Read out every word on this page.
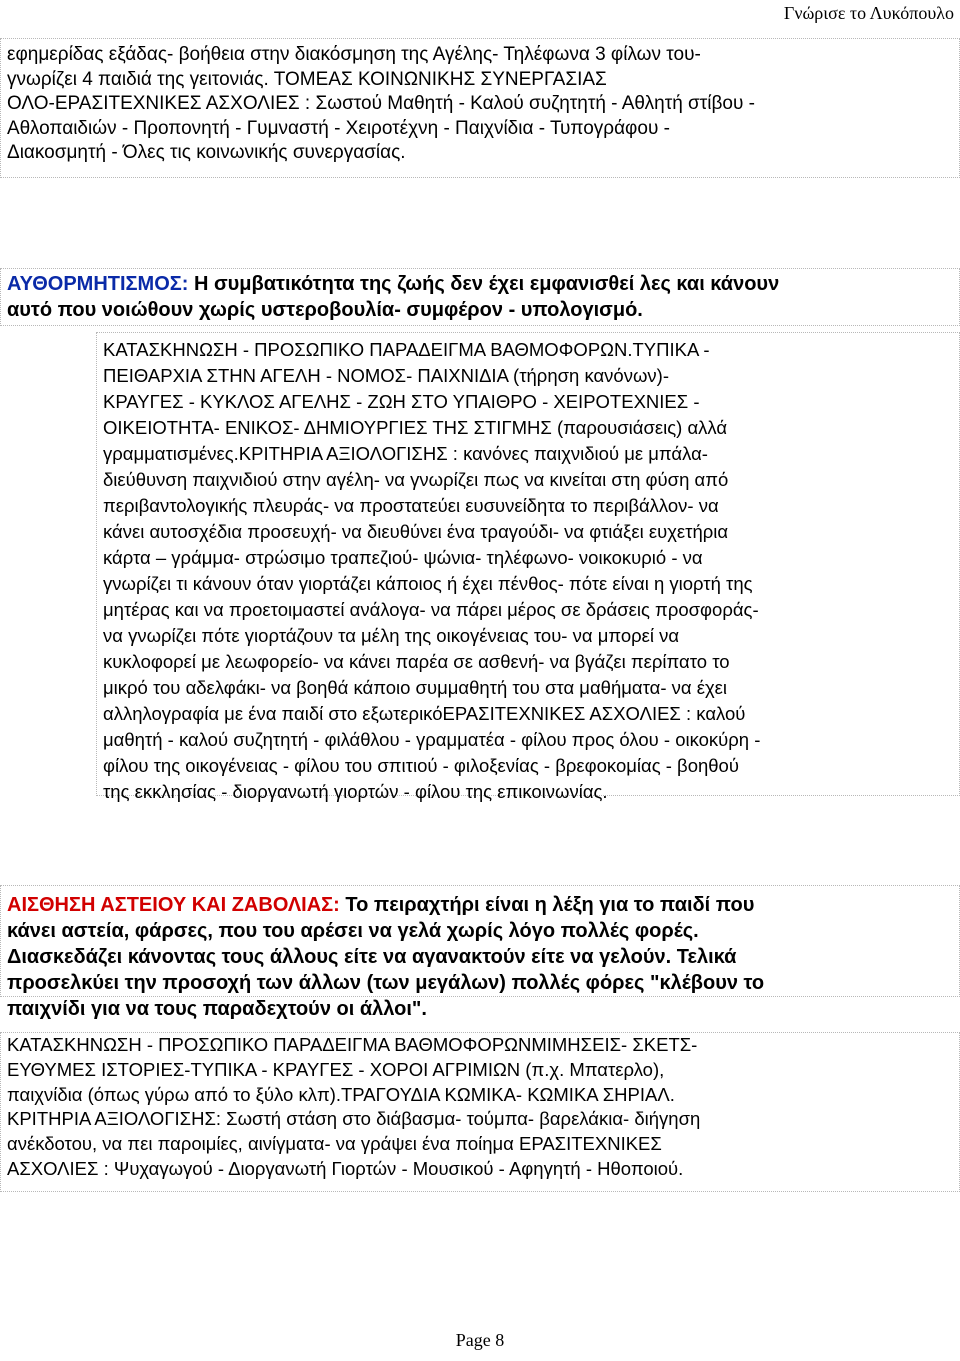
Γνώρισε το Λυκόπουλο
εφημερίδας εξάδας- βοήθεια στην διακόσμηση της Αγέλης- Τηλέφωνα 3 φίλων του-
γνωρίζει 4 παιδιά της γειτονιάς. ΤΟΜΕΑΣ ΚΟΙΝΩΝΙΚΗΣ ΣΥΝΕΡΓΑΣΙΑΣ
ΟΛΟ-ΕΡΑΣΙΤΕΧΝΙΚΕΣ ΑΣΧΟΛΙΕΣ : Σωστού Μαθητή - Καλού συζητητή - Αθλητή στίβου -
Αθλοπαιδιών - Προπονητή - Γυμναστή - Χειροτέχνη - Παιχνίδια - Τυπογράφου -
Διακοσμητή - Όλες τις κοινωνικής συνεργασίας.
ΑΥΘΟΡΜΗΤΙΣΜΟΣ: Η συμβατικότητα της ζωής δεν έχει εμφανισθεί λες και κάνουν
αυτό που νοιώθουν χωρίς υστεροβουλία- συμφέρον - υπολογισμό.
ΚΑΤΑΣΚΗΝΩΣΗ - ΠΡΟΣΩΠΙΚΟ ΠΑΡΑΔΕΙΓΜΑ ΒΑΘΜΟΦΟΡΩΝ.ΤΥΠΙΚΑ -
ΠΕΙΘΑΡΧΙΑ ΣΤΗΝ ΑΓΕΛΗ - ΝΟΜΟΣ- ΠΑΙΧΝΙΔΙΑ (τήρηση κανόνων)-
ΚΡΑΥΓΕΣ - ΚΥΚΛΟΣ ΑΓΕΛΗΣ - ΖΩΗ ΣΤΟ ΥΠΑΙΘΡΟ - ΧΕΙΡΟΤΕΧΝΙΕΣ -
ΟΙΚΕΙΟΤΗΤΑ- ΕΝΙΚΟΣ- ΔΗΜΙΟΥΡΓΙΕΣ ΤΗΣ ΣΤΙΓΜΗΣ (παρουσιάσεις) αλλά
γραμματισμένες.ΚΡΙΤΗΡΙΑ ΑΞΙΟΛΟΓΙΣΗΣ : κανόνες παιχνιδιού με μπάλα-
διεύθυνση παιχνιδιού στην αγέλη- να γνωρίζει πως να κινείται στη φύση από
περιβαντολογικής πλευράς- να προστατεύει ευσυνείδητα το περιβάλλον- να
κάνει αυτοσχέδια προσευχή- να διευθύνει ένα τραγούδι- να φτιάξει ευχετήρια
κάρτα – γράμμα- στρώσιμο τραπεζιού- ψώνια- τηλέφωνο- νοικοκυριό - να
γνωρίζει τι κάνουν όταν γιορτάζει κάποιος ή έχει πένθος- πότε είναι η γιορτή της
μητέρας και να προετοιμαστεί ανάλογα- να πάρει μέρος σε δράσεις προσφοράς-
να γνωρίζει πότε γιορτάζουν τα μέλη της οικογένειας του- να μπορεί να
κυκλοφορεί με λεωφορείο- να κάνει παρέα σε ασθενή- να βγάζει περίπατο το
μικρό του αδελφάκι- να βοηθά κάποιο συμμαθητή του στα μαθήματα- να έχει
αλληλογραφία με ένα παιδί στο εξωτερικόΕΡΑΣΙΤΕΧΝΙΚΕΣ ΑΣΧΟΛΙΕΣ : καλού
μαθητή - καλού συζητητή - φιλάθλου - γραμματέα - φίλου προς όλου - οικοκύρη -
φίλου της οικογένειας - φίλου του σπιτιού - φιλοξενίας - βρεφοκομίας - βοηθού
της εκκλησίας - διοργανωτή γιορτών - φίλου της επικοινωνίας.
ΑΙΣΘΗΣΗ ΑΣΤΕΙΟΥ ΚΑΙ ΖΑΒΟΛΙΑΣ: Το πειραχτήρι είναι η λέξη για το παιδί που
κάνει αστεία, φάρσες, που του αρέσει να γελά χωρίς λόγο πολλές φορές.
Διασκεδάζει κάνοντας τους άλλους είτε να αγανακτούν είτε να γελούν. Τελικά
προσελκύει την προσοχή των άλλων (των μεγάλων) πολλές φόρες "κλέβουν το
παιχνίδι για να τους παραδεχτούν οι άλλοι".
ΚΑΤΑΣΚΗΝΩΣΗ - ΠΡΟΣΩΠΙΚΟ ΠΑΡΑΔΕΙΓΜΑ ΒΑΘΜΟΦΟΡΩΝΜΙΜΗΣΕΙΣ- ΣΚΕΤΣ-
ΕΥΘΥΜΕΣ ΙΣΤΟΡΙΕΣ-ΤΥΠΙΚΑ - ΚΡΑΥΓΕΣ - ΧΟΡΟΙ ΑΓΡΙΜΙΩΝ (π.χ. Μπατερλο),
παιχνίδια (όπως γύρω από το ξύλο κλπ).ΤΡΑΓΟΥΔΙΑ ΚΩΜΙΚΑ- ΚΩΜΙΚΑ ΣΗΡΙΑΛ.
ΚΡΙΤΗΡΙΑ ΑΞΙΟΛΟΓΙΣΗΣ: Σωστή στάση στο διάβασμα- τούμπα- βαρελάκια- διήγηση
ανέκδοτου, να πει παροιμίες, αινίγματα- να γράψει ένα ποίημα ΕΡΑΣΙΤΕΧΝΙΚΕΣ
ΑΣΧΟΛΙΕΣ : Ψυχαγωγού - Διοργανωτή Γιορτών - Μουσικού - Αφηγητή - Ηθοποιού.
Page 8
